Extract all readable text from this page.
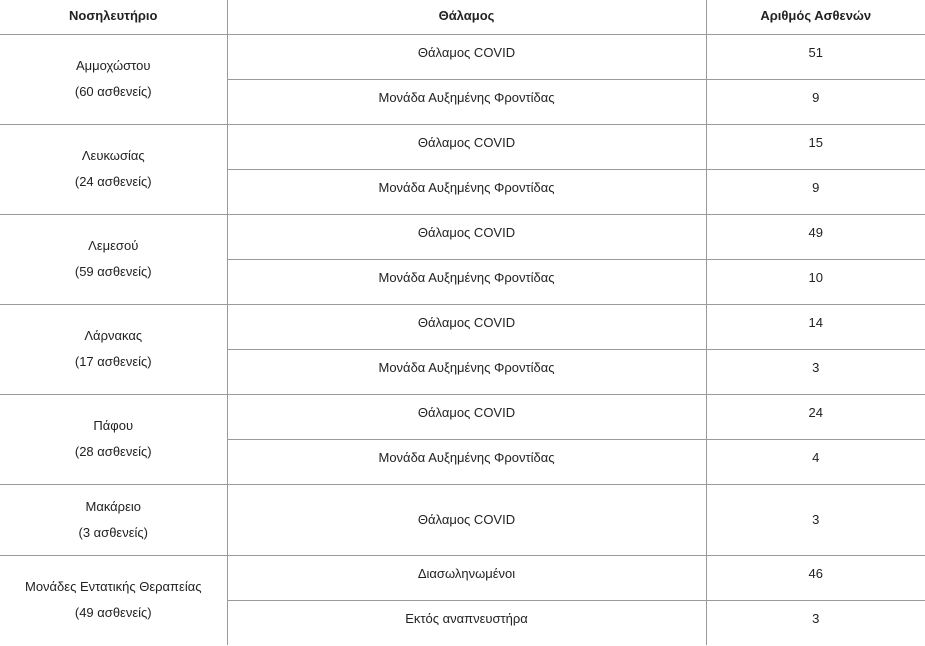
Νοσηλευτήριο	Θάλαμος	Αριθμός Ασθενών

Αμμοχώστου
(60 ασθενείς)	Θάλαμος COVID	51
	Μονάδα Αυξημένης Φροντίδας	9

Λευκωσίας
(24 ασθενείς)	Θάλαμος COVID	15
	Μονάδα Αυξημένης Φροντίδας	9

Λεμεσού
(59 ασθενείς)	Θάλαμος COVID	49
	Μονάδα Αυξημένης Φροντίδας	10

Λάρνακας
(17 ασθενείς)	Θάλαμος COVID	14
	Μονάδα Αυξημένης Φροντίδας	3

Πάφου
(28 ασθενείς)	Θάλαμος COVID	24
	Μονάδα Αυξημένης Φροντίδας	4

Μακάρειο
(3 ασθενείς)	Θάλαμος COVID	3

Μονάδες Εντατικής Θεραπείας
(49 ασθενείς)	Διασωληνωμένοι	46
	Εκτός αναπνευστήρα	3
